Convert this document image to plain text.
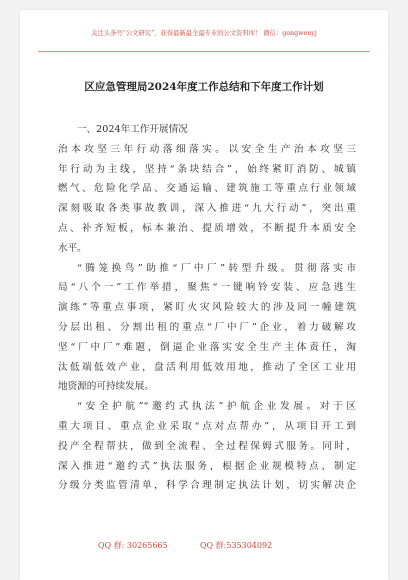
关注头条号“公文研究”，获得最新最全最专业的公文资料库！ 微信：gongwenyj
区应急管理局2024年度工作总结和下年度工作计划
一、2024年工作开展情况
治本攻坚三年行动落细落实。以安全生产治本攻坚三
年行动为主线，坚持“条块结合”，始终紧盯消防、城镇
燃气、危险化学品、交通运输、建筑施工等重点行业领域
深刻吸取各类事故教训，深入推进“九大行动”，突出重
点、补齐短板，标本兼治、提质增效，不断提升本质安全
水平。
“腾笼换鸟”助推“厂中厂”转型升级。贯彻落实市
局“八个一”工作举措，聚焦“一键响铃安装、应急逃生
演练”等重点事项，紧盯火灾风险较大的涉及同一幢建筑
分层出租、分割出租的重点“厂中厂”企业，着力破解攻
坚“厂中厂”难题，倒逼企业落实安全生产主体责任，淘
汰低端低效产业，盘活利用低效用地，推动了全区工业用
地资源的可持续发展。
“安全护航”“邀约式执法”护航企业发展。对于区
重大项目、重点企业采取“点对点帮办”，从项目开工到
投产全程帮扶，做到全流程、全过程保姆式服务。同时，
深入推进“邀约式”执法服务，根据企业规模特点，制定
分级分类监管清单，科学合理制定执法计划，切实解决企
QQ 群: 30265665	QQ 群:535304092
